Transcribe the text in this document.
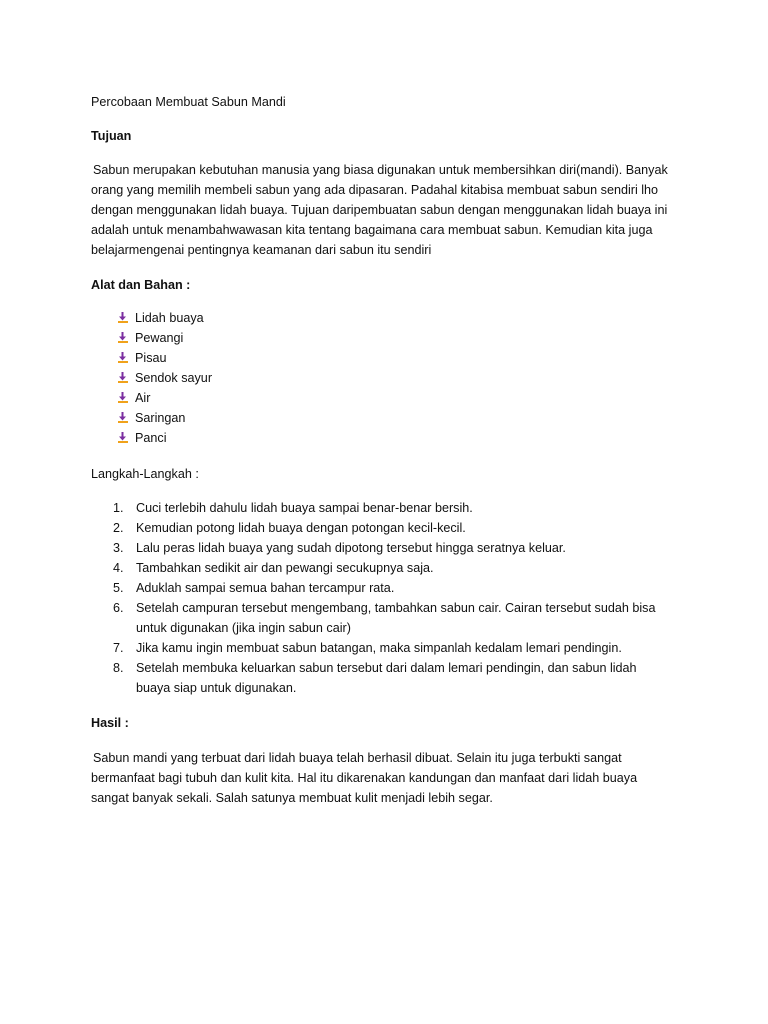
Percobaan Membuat Sabun Mandi

Tujuan

Sabun merupakan kebutuhan manusia yang biasa digunakan untuk membersihkan diri(mandi). Banyak orang yang memilih membeli sabun yang ada dipasaran. Padahal kitabisa membuat sabun sendiri lho dengan menggunakan lidah buaya. Tujuan daripembuatan sabun dengan menggunakan lidah buaya ini adalah untuk menambahwawasan kita tentang bagaimana cara membuat sabun. Kemudian kita juga belajarmengenai pentingnya keamanan dari sabun itu sendiri

Alat dan Bahan :

Lidah buaya
Pewangi
Pisau
Sendok sayur
Air
Saringan
Panci

Langkah-Langkah :

1. Cuci terlebih dahulu lidah buaya sampai benar-benar bersih.
2. Kemudian potong lidah buaya dengan potongan kecil-kecil.
3. Lalu peras lidah buaya yang sudah dipotong tersebut hingga seratnya keluar.
4. Tambahkan sedikit air dan pewangi secukupnya saja.
5. Aduklah sampai semua bahan tercampur rata.
6. Setelah campuran tersebut mengembang, tambahkan sabun cair. Cairan tersebut sudah bisa untuk digunakan (jika ingin sabun cair)
7. Jika kamu ingin membuat sabun batangan, maka simpanlah kedalam lemari pendingin.
8. Setelah membuka keluarkan sabun tersebut dari dalam lemari pendingin, dan sabun lidah buaya siap untuk digunakan.

Hasil :

Sabun mandi yang terbuat dari lidah buaya telah berhasil dibuat. Selain itu juga terbukti sangat bermanfaat bagi tubuh dan kulit kita. Hal itu dikarenakan kandungan dan manfaat dari lidah buaya sangat banyak sekali. Salah satunya membuat kulit menjadi lebih segar.
